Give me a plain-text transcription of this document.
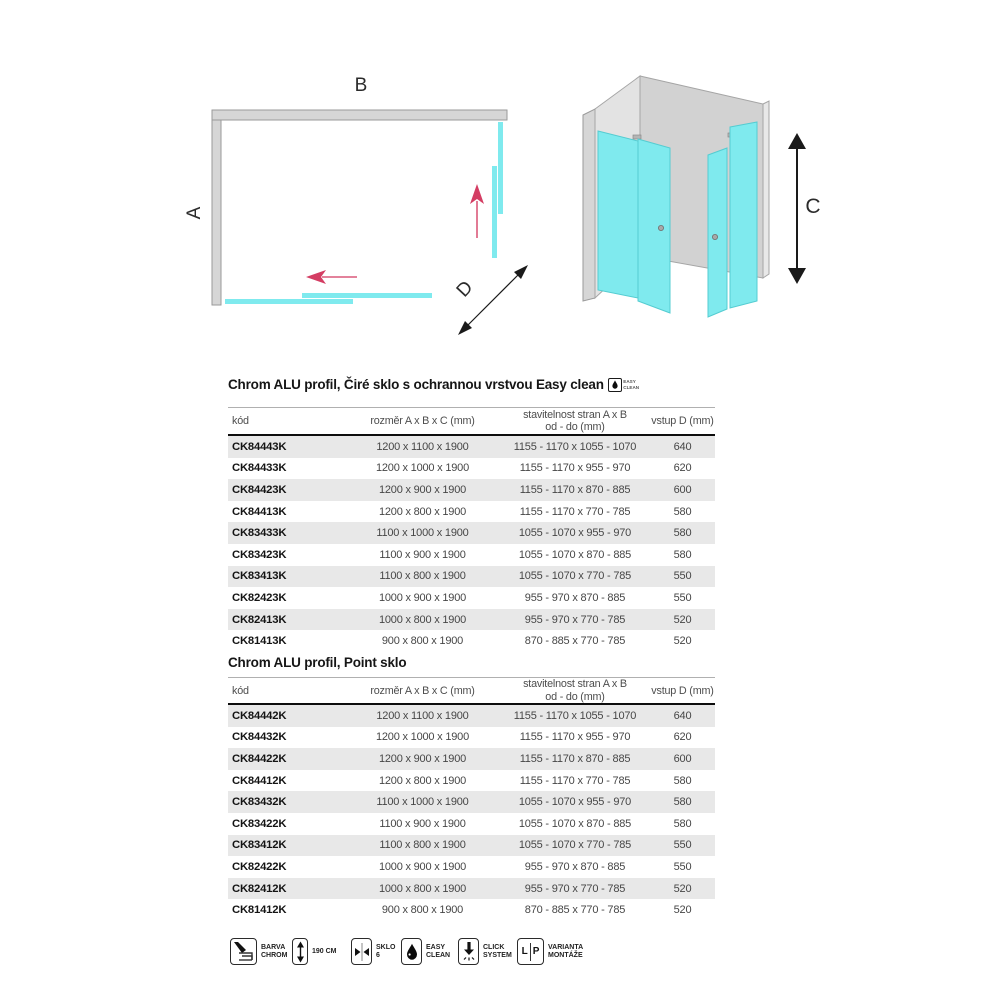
B
A
D
C
Chrom ALU profil, Čiré sklo s ochrannou vrstvou Easy clean	EASY
CLEAN
kód	rozměr A x B x C (mm)
stavitelnost stran A x B
od - do (mm)	vstup D (mm)
CK84443K	1200 x 1100 x 1900	1155 - 1170 x 1055 - 1070	640
CK84433K	1200 x 1000 x 1900	1155 - 1170 x 955 - 970	620
CK84423K	1200 x 900 x 1900	1155 - 1170 x 870 - 885	600
CK84413K	1200 x 800 x 1900	1155 - 1170 x 770 - 785	580
CK83433K	1100 x 1000 x 1900	1055 - 1070 x 955 - 970	580
CK83423K	1100 x 900 x 1900	1055 - 1070 x 870 - 885	580
CK83413K	1100 x 800 x 1900	1055 - 1070 x 770 - 785	550
CK82423K	1000 x 900 x 1900	955 - 970 x 870 - 885	550
CK82413K	1000 x 800 x 1900	955 - 970 x 770 - 785	520
CK81413K	900 x 800 x 1900	870 - 885 x 770 - 785	520
Chrom ALU profil, Point sklo
kód	rozměr A x B x C (mm)
stavitelnost stran A x B
od - do (mm)	vstup D (mm)
CK84442K	1200 x 1100 x 1900	1155 - 1170 x 1055 - 1070	640
CK84432K	1200 x 1000 x 1900	1155 - 1170 x 955 - 970	620
CK84422K	1200 x 900 x 1900	1155 - 1170 x 870 - 885	600
CK84412K	1200 x 800 x 1900	1155 - 1170 x 770 - 785	580
CK83432K	1100 x 1000 x 1900	1055 - 1070 x 955 - 970	580
CK83422K	1100 x 900 x 1900	1055 - 1070 x 870 - 885	580
CK83412K	1100 x 800 x 1900	1055 - 1070 x 770 - 785	550
CK82422K	1000 x 900 x 1900	955 - 970 x 870 - 885	550
CK82412K	1000 x 800 x 1900	955 - 970 x 770 - 785	520
CK81412K	900 x 800 x 1900	870 - 885 x 770 - 785	520
BARVA
CHROM
190 CM

SKLO
6
EASY
CLEAN
CLICK
SYSTEM L P VARIANTA
MONTÁŽE
